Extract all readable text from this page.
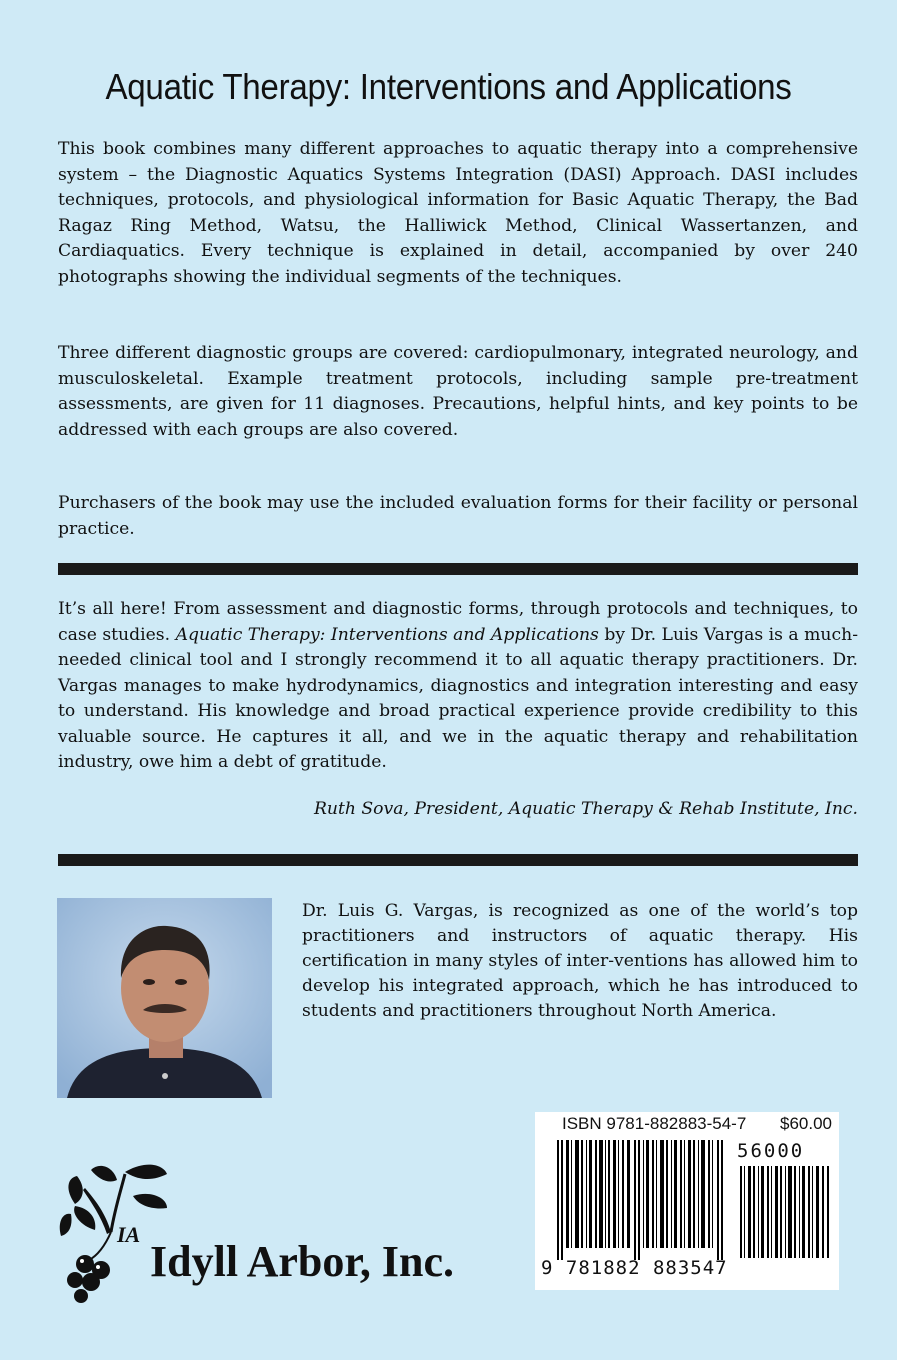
Aquatic Therapy: Interventions and Applications

This book combines many different approaches to aquatic therapy into a comprehensive system – the Diagnostic Aquatics Systems Integration (DASI) Approach. DASI includes techniques, protocols, and physiological information for Basic Aquatic Therapy, the Bad Ragaz Ring Method, Watsu, the Halliwick Method, Clinical Wassertanzen, and Cardiaquatics. Every technique is explained in detail, accompanied by over 240 photographs showing the individual segments of the techniques.

Three different diagnostic groups are covered: cardiopulmonary, integrated neurology, and musculoskeletal. Example treatment protocols, including sample pre-treatment assessments, are given for 11 diagnoses. Precautions, helpful hints, and key points to be addressed with each groups are also covered.

Purchasers of the book may use the included evaluation forms for their facility or personal practice.

It’s all here! From assessment and diagnostic forms, through protocols and techniques, to case studies. Aquatic Therapy: Interventions and Applications by Dr. Luis Vargas is a much-needed clinical tool and I strongly recommend it to all aquatic therapy practitioners. Dr. Vargas manages to make hydrodynamics, diagnostics and integration interesting and easy to understand. His knowledge and broad practical experience provide credibility to this valuable source. He captures it all, and we in the aquatic therapy and rehabilitation industry, owe him a debt of gratitude.

Ruth Sova, President, Aquatic Therapy & Rehab Institute, Inc.

Dr. Luis G. Vargas, is recognized as one of the world’s top practitioners and instructors of aquatic therapy. His certification in many styles of inter-ventions has allowed him to develop his integrated approach, which he has introduced to students and practitioners throughout North America.

ISBN 9781-882883-54-7 $60.00
56000
9 781882 883547
IA
Idyll Arbor, Inc.
